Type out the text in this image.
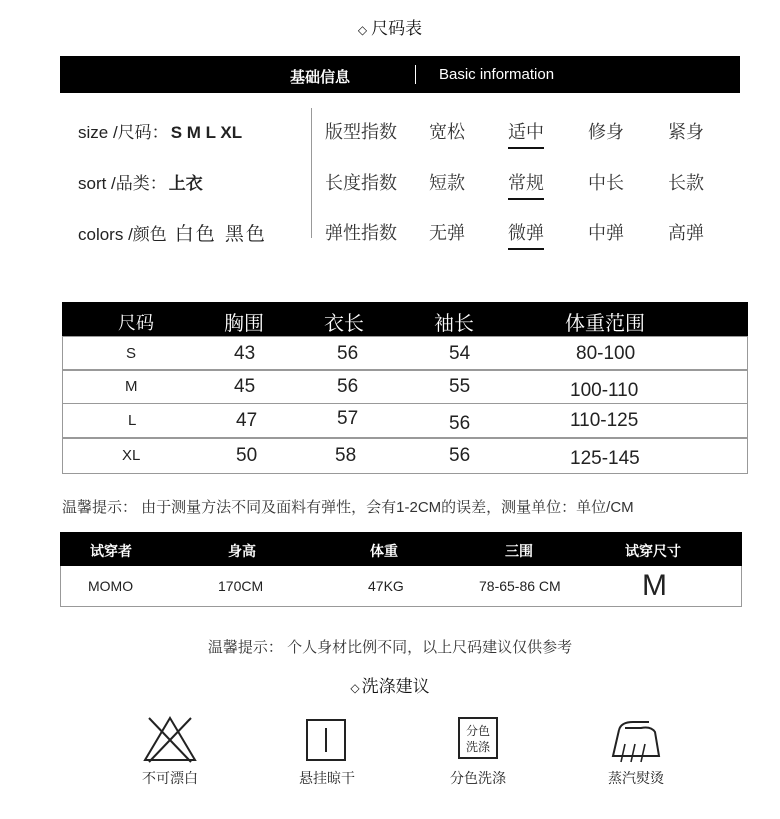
◇ 尺码表
基础信息	Basic information
size /尺码： S M L XL
sort /品类： 上衣
colors /颜色 白色 黑色
版型指数 宽松 适中 修身 紧身
长度指数 短款 常规 中长 长款
弹性指数 无弹 微弹 中弹 高弹
尺码	胸围	衣长	袖长	体重范围
S	43	56	54	80-100
M	45	56	55	100-110
L	47	57	56	110-125
XL	50	58	56	125-145
温馨提示： 由于测量方法不同及面料有弹性，会有1-2CM的误差，测量单位：单位/CM
试穿者	身高	体重	三围	试穿尺寸
MOMO	170CM	47KG	78-65-86 CM	M
温馨提示： 个人身材比例不同，以上尺码建议仅供参考
◇ 洗涤建议
不可漂白	悬挂晾干
分色
洗涤
分色洗涤	蒸汽熨烫
